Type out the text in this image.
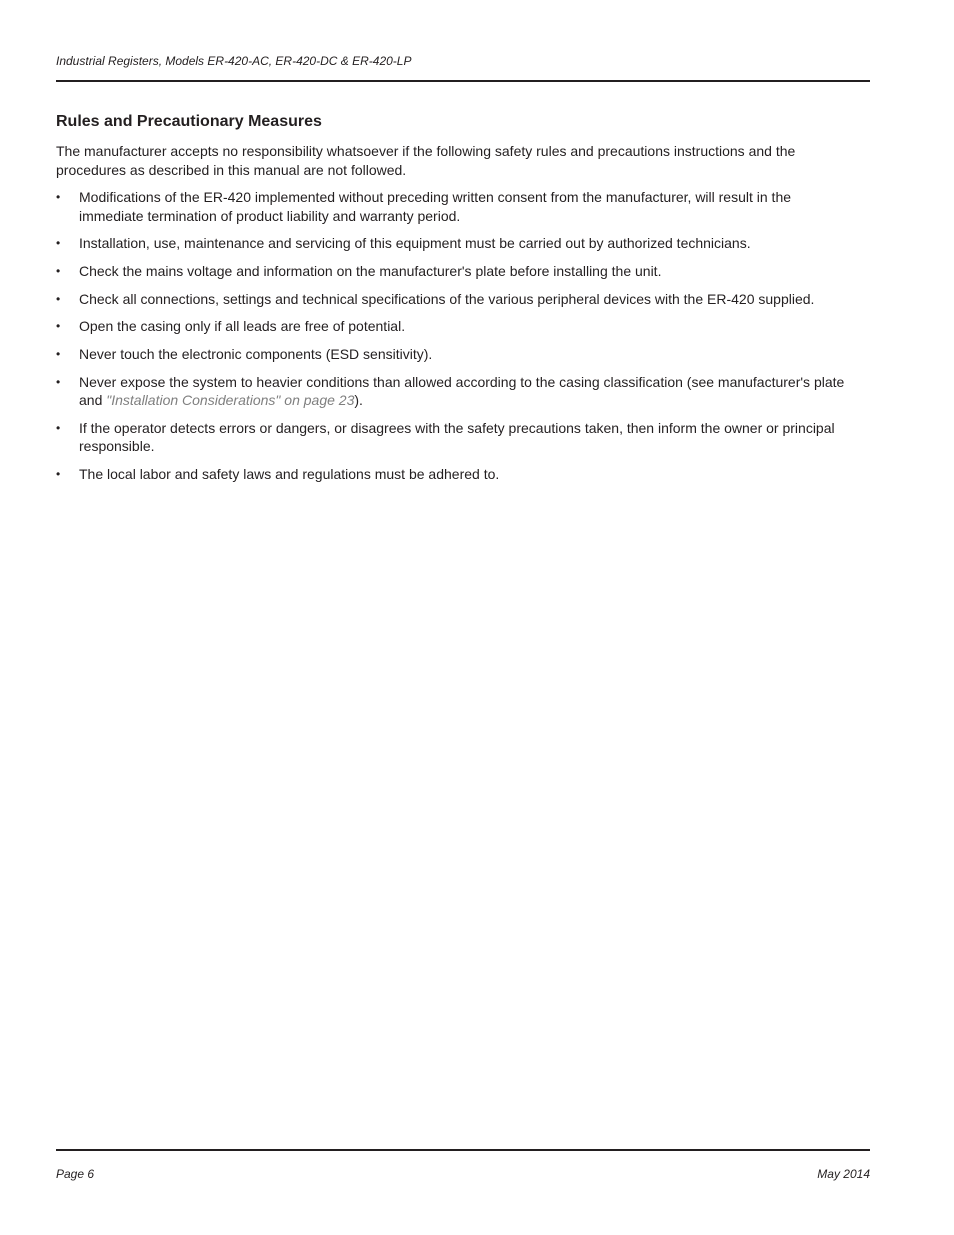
Industrial Registers, Models ER-420-AC, ER-420-DC & ER-420-LP
Rules and Precautionary Measures

The manufacturer accepts no responsibility whatsoever if the following safety rules and precautions instructions and the procedures as described in this manual are not followed.

• Modifications of the ER-420 implemented without preceding written consent from the manufacturer, will result in the immediate termination of product liability and warranty period.
• Installation, use, maintenance and servicing of this equipment must be carried out by authorized technicians.
• Check the mains voltage and information on the manufacturer's plate before installing the unit.
• Check all connections, settings and technical specifications of the various peripheral devices with the ER-420 supplied.
• Open the casing only if all leads are free of potential.
• Never touch the electronic components (ESD sensitivity).
• Never expose the system to heavier conditions than allowed according to the casing classification (see manufacturer's plate and "Installation Considerations" on page 23).
• If the operator detects errors or dangers, or disagrees with the safety precautions taken, then inform the owner or principal responsible.
• The local labor and safety laws and regulations must be adhered to.
Page 6	May 2014
